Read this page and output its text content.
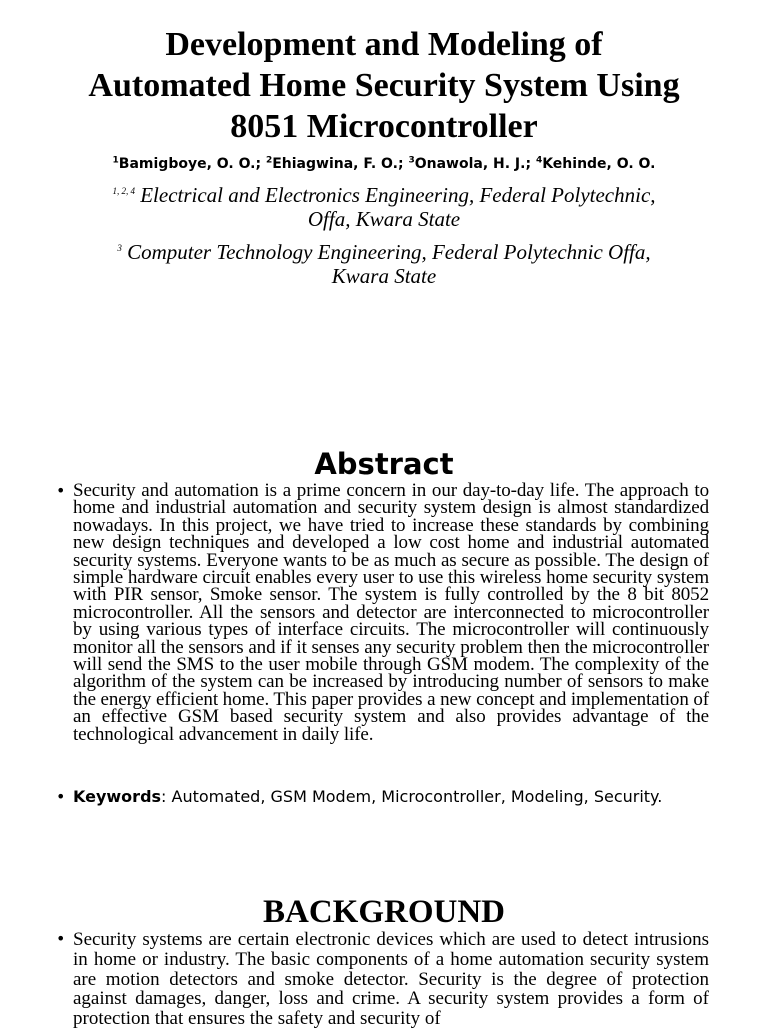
Development and Modeling of Automated Home Security System Using 8051 Microcontroller
$^1$Bamigboye, O. O.; $^2$Ehiagwina, F. O.; $^3$Onawola, H. J.; $^4$Kehinde, O. O.
$^{1, 2, 4}$ Electrical and Electronics Engineering, Federal Polytechnic, Offa, Kwara State
$^3$ Computer Technology Engineering, Federal Polytechnic Offa, Kwara State
Abstract
• Security and automation is a prime concern in our day-to-day life. The approach to home and industrial automation and security system design is almost standardized nowadays. In this project, we have tried to increase these standards by combining new design techniques and developed a low cost home and industrial automated security systems. Everyone wants to be as much as secure as possible. The design of simple hardware circuit enables every user to use this wireless home security system with PIR sensor, Smoke sensor. The system is fully controlled by the 8 bit 8052 microcontroller. All the sensors and detector are interconnected to microcontroller by using various types of interface circuits. The microcontroller will continuously monitor all the sensors and if it senses any security problem then the microcontroller will send the SMS to the user mobile through GSM modem. The complexity of the algorithm of the system can be increased by introducing number of sensors to make the energy efficient home. This paper provides a new concept and implementation of an effective GSM based security system and also provides advantage of the technological advancement in daily life.
• Keywords: Automated, GSM Modem, Microcontroller, Modeling, Security.
BACKGROUND
• Security systems are certain electronic devices which are used to detect intrusions in home or industry. The basic components of a home automation security system are motion detectors and smoke detector. Security is the degree of protection against damages, danger, loss and crime. A security system provides a form of protection that ensures the safety and security of
